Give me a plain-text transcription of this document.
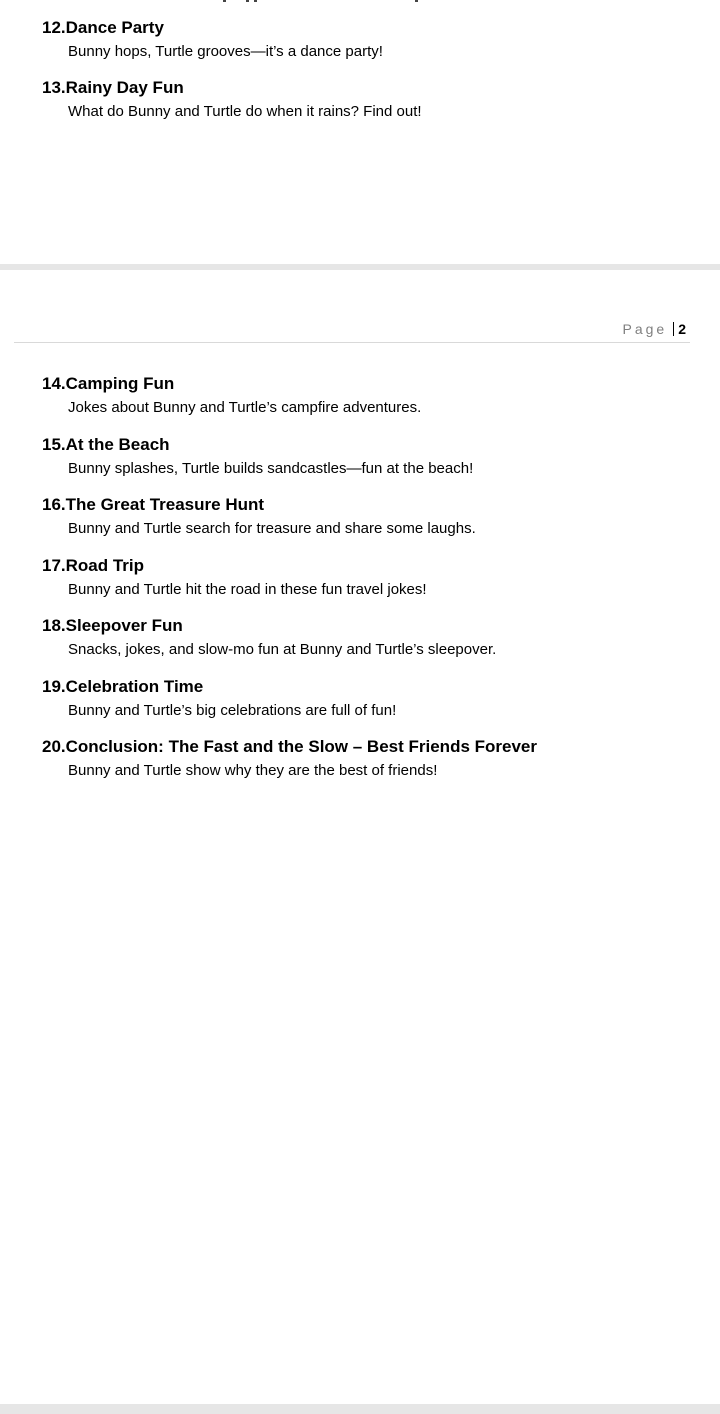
12.Dance Party
Bunny hops, Turtle grooves—it’s a dance party!
13.Rainy Day Fun
What do Bunny and Turtle do when it rains? Find out!
Page 2
14.Camping Fun
Jokes about Bunny and Turtle’s campfire adventures.
15.At the Beach
Bunny splashes, Turtle builds sandcastles—fun at the beach!
16.The Great Treasure Hunt
Bunny and Turtle search for treasure and share some laughs.
17.Road Trip
Bunny and Turtle hit the road in these fun travel jokes!
18.Sleepover Fun
Snacks, jokes, and slow-mo fun at Bunny and Turtle’s sleepover.
19.Celebration Time
Bunny and Turtle’s big celebrations are full of fun!
20.Conclusion: The Fast and the Slow – Best Friends Forever
Bunny and Turtle show why they are the best of friends!
